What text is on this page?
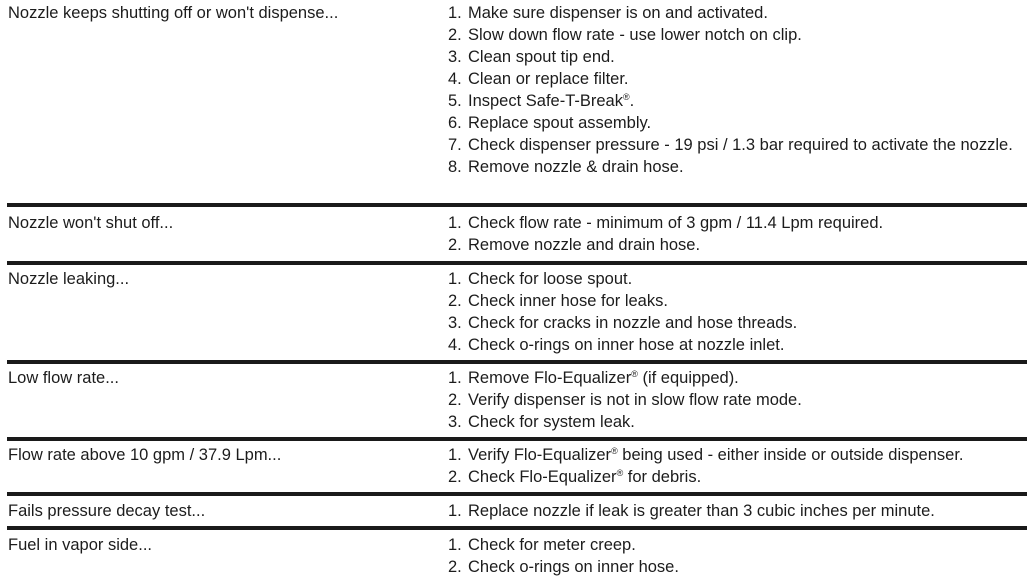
Nozzle keeps shutting off or won't dispense...	1. Make sure dispenser is on and activated.
2. Slow down flow rate - use lower notch on clip.
3. Clean spout tip end.
4. Clean or replace filter.
5. Inspect Safe-T-Break®.
6. Replace spout assembly.
7. Check dispenser pressure - 19 psi / 1.3 bar required to activate the nozzle.
8. Remove nozzle & drain hose.
Nozzle won't shut off...	1. Check flow rate - minimum of 3 gpm / 11.4 Lpm required.
2. Remove nozzle and drain hose.
Nozzle leaking...	1. Check for loose spout.
2. Check inner hose for leaks.
3. Check for cracks in nozzle and hose threads.
4. Check o-rings on inner hose at nozzle inlet.
Low flow rate...	1. Remove Flo-Equalizer® (if equipped).
2. Verify dispenser is not in slow flow rate mode.
3. Check for system leak.
Flow rate above 10 gpm / 37.9 Lpm...	1. Verify Flo-Equalizer® being used - either inside or outside dispenser.
2. Check Flo-Equalizer® for debris.
Fails pressure decay test...	1. Replace nozzle if leak is greater than 3 cubic inches per minute.
Fuel in vapor side...	1. Check for meter creep.
2. Check o-rings on inner hose.
